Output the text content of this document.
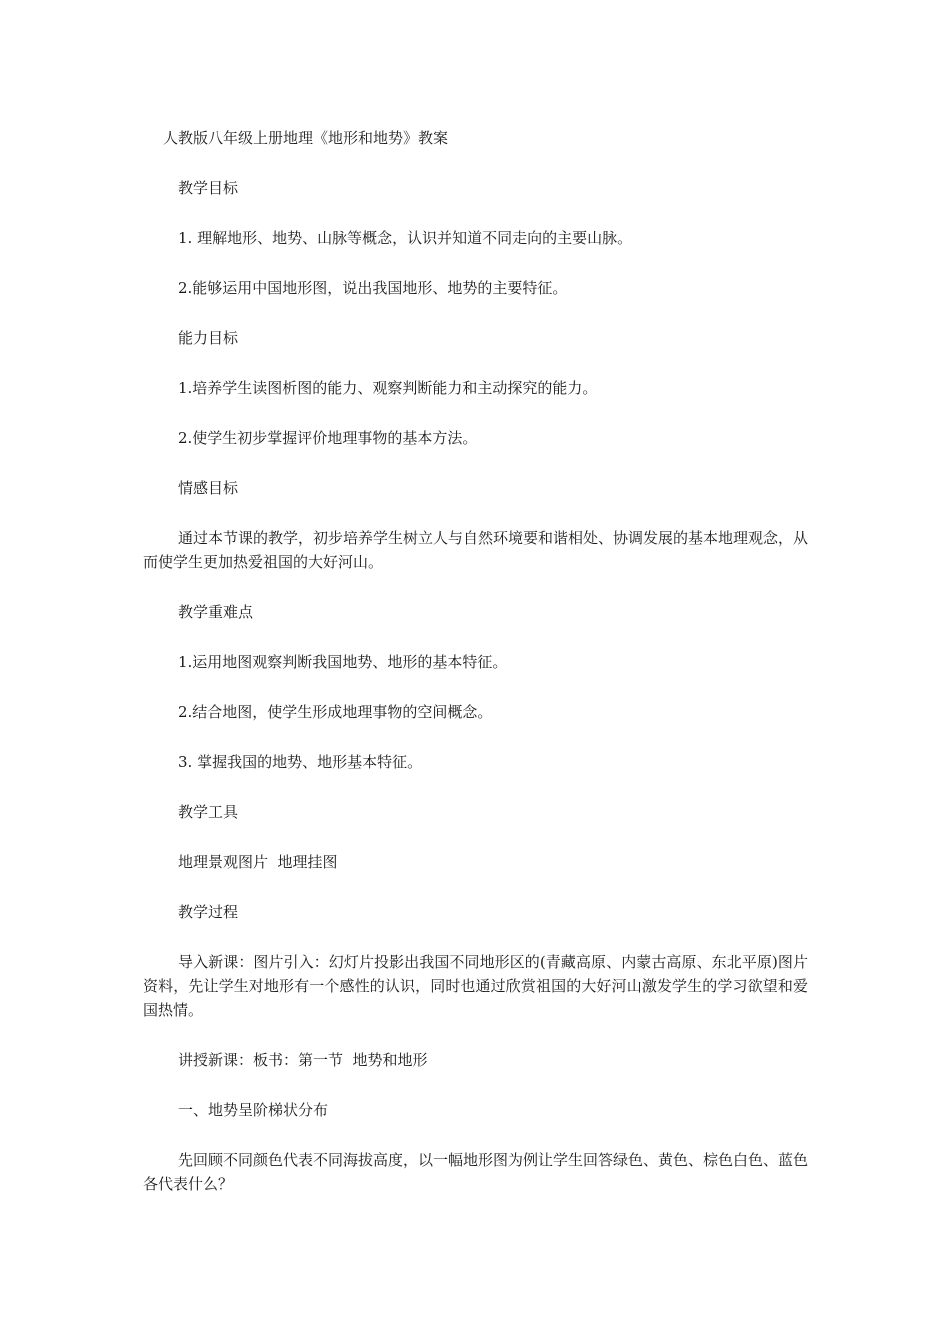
人教版八年级上册地理《地形和地势》教案

教学目标

1. 理解地形、地势、山脉等概念，认识并知道不同走向的主要山脉。

2.能够运用中国地形图，说出我国地形、地势的主要特征。

能力目标

1.培养学生读图析图的能力、观察判断能力和主动探究的能力。

2.使学生初步掌握评价地理事物的基本方法。

情感目标

通过本节课的教学，初步培养学生树立人与自然环境要和谐相处、协调发展的基本地理观念，从而使学生更加热爱祖国的大好河山。

教学重难点

1.运用地图观察判断我国地势、地形的基本特征。

2.结合地图，使学生形成地理事物的空间概念。

3. 掌握我国的地势、地形基本特征。

教学工具

地理景观图片  地理挂图

教学过程

导入新课：图片引入：幻灯片投影出我国不同地形区的(青藏高原、内蒙古高原、东北平原)图片资料，先让学生对地形有一个感性的认识，同时也通过欣赏祖国的大好河山激发学生的学习欲望和爱国热情。

讲授新课：板书：第一节  地势和地形

一、地势呈阶梯状分布

先回顾不同颜色代表不同海拔高度，以一幅地形图为例让学生回答绿色、黄色、棕色白色、蓝色各代表什么？
